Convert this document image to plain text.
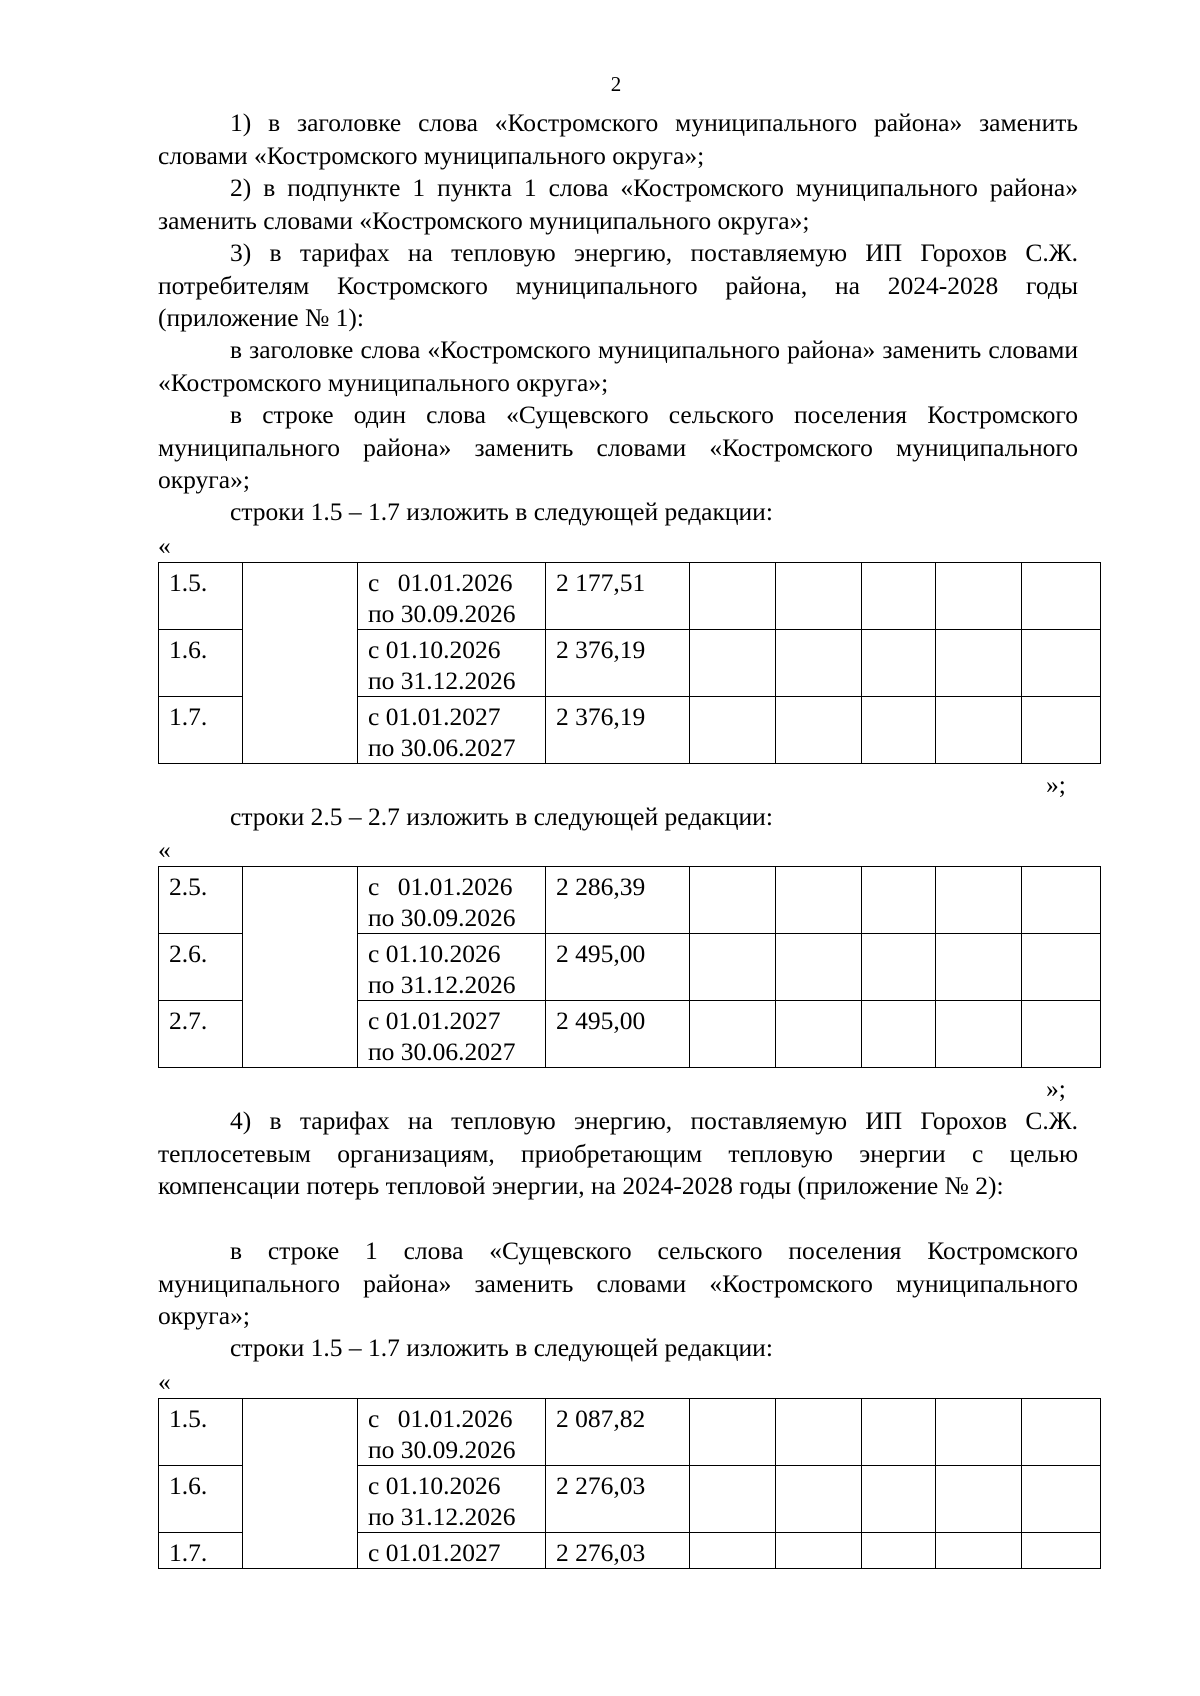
2

1) в заголовке слова «Костромского муниципального района» заменить словами «Костромского муниципального округа»;

2) в подпункте 1 пункта 1 слова «Костромского муниципального района» заменить словами «Костромского муниципального округа»;

3) в тарифах на тепловую энергию, поставляемую ИП Горохов С.Ж. потребителям Костромского муниципального района, на 2024-2028 годы (приложение № 1):

в заголовке слова «Костромского муниципального района» заменить словами «Костромского муниципального округа»;

в строке один слова «Сущевского сельского поселения Костромского муниципального района» заменить словами «Костромского муниципального округа»;

строки 1.5 – 1.7 изложить в следующей редакции:
«
1.5.		с 01.01.2026
по 30.09.2026	2 177,51					
1.6.		с 01.10.2026
по 31.12.2026	2 376,19					
1.7.		с 01.01.2027
по 30.06.2027	2 376,19					
»;
строки 2.5 – 2.7 изложить в следующей редакции:
«
2.5.		с 01.01.2026
по 30.09.2026	2 286,39					
2.6.		с 01.10.2026
по 31.12.2026	2 495,00					
2.7.		с 01.01.2027
по 30.06.2027	2 495,00					
»;

4) в тарифах на тепловую энергию, поставляемую ИП Горохов С.Ж. теплосетевым организациям, приобретающим тепловую энергии с целью компенсации потерь тепловой энергии, на 2024-2028 годы (приложение № 2):

в строке 1 слова «Сущевского сельского поселения Костромского муниципального района» заменить словами «Костромского муниципального округа»;

строки 1.5 – 1.7 изложить в следующей редакции:
«
1.5.		с 01.01.2026
по 30.09.2026	2 087,82					
1.6.		с 01.10.2026
по 31.12.2026	2 276,03					
1.7.		с 01.01.2027	2 276,03					
